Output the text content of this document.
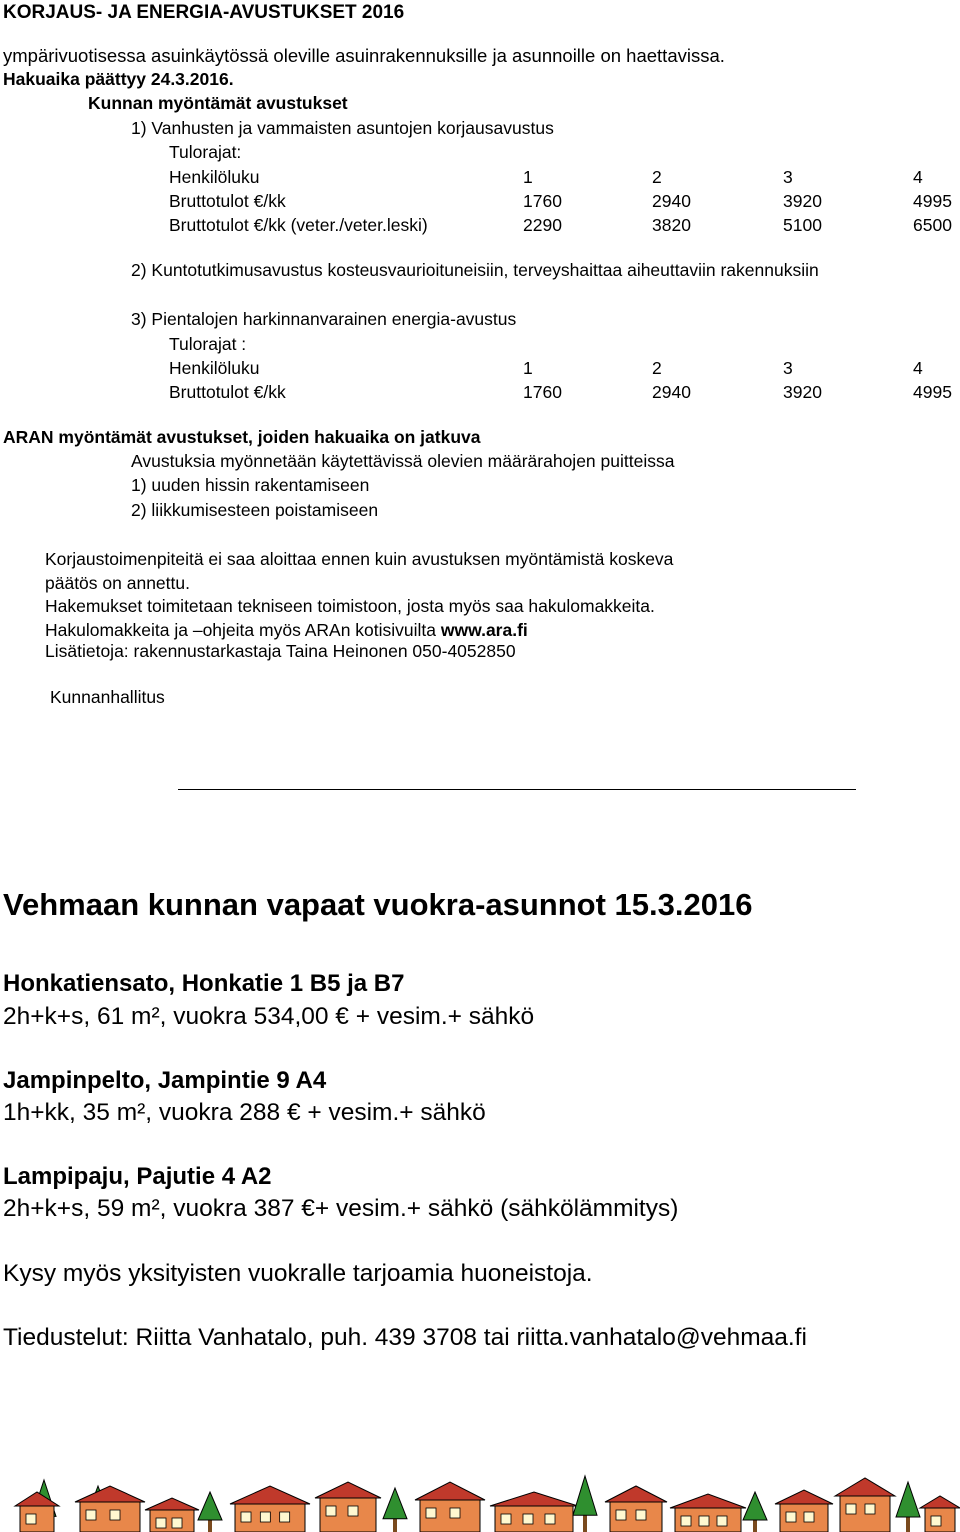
KORJAUS- JA ENERGIA-AVUSTUKSET 2016
ympärivuotisessa asuinkäytössä oleville asuinrakennuksille ja asunnoille on haettavissa.
Hakuaika päättyy 24.3.2016.
Kunnan myöntämät avustukset
1) Vanhusten ja vammaisten asuntojen korjausavustus
Tulorajat:
Henkilöluku	1	2	3	4
Bruttotulot €/kk	1760	2940	3920	4995
Bruttotulot €/kk (veter./veter.leski)	2290	3820	5100	6500
2) Kuntotutkimusavustus kosteusvaurioituneisiin, terveyshaittaa aiheuttaviin rakennuksiin
3) Pientalojen harkinnanvarainen energia-avustus
Tulorajat :
Henkilöluku	1	2	3	4
Bruttotulot €/kk	1760	2940	3920	4995
ARAN myöntämät avustukset, joiden hakuaika on jatkuva
Avustuksia myönnetään käytettävissä olevien määrärahojen puitteissa
1) uuden hissin rakentamiseen
2) liikkumisesteen poistamiseen
Korjaustoimenpiteitä ei saa aloittaa ennen kuin avustuksen myöntämistä koskeva
päätös on annettu.
Hakemukset toimitetaan tekniseen toimistoon, josta myös saa hakulomakkeita.
Hakulomakkeita ja –ohjeita myös ARAn kotisivuilta www.ara.fi
Lisätietoja: rakennustarkastaja Taina Heinonen 050-4052850
Kunnanhallitus
Vehmaan kunnan vapaat vuokra-asunnot 15.3.2016
Honkatiensato, Honkatie 1 B5 ja B7
2h+k+s, 61 m², vuokra 534,00 € + vesim.+ sähkö
Jampinpelto, Jampintie 9 A4
1h+kk, 35 m², vuokra 288 € + vesim.+ sähkö
Lampipaju, Pajutie 4 A2
2h+k+s, 59 m², vuokra 387 €+ vesim.+ sähkö (sähkölämmitys)
Kysy myös yksityisten vuokralle tarjoamia huoneistoja.
Tiedustelut: Riitta Vanhatalo, puh. 439 3708 tai riitta.vanhatalo@vehmaa.fi
